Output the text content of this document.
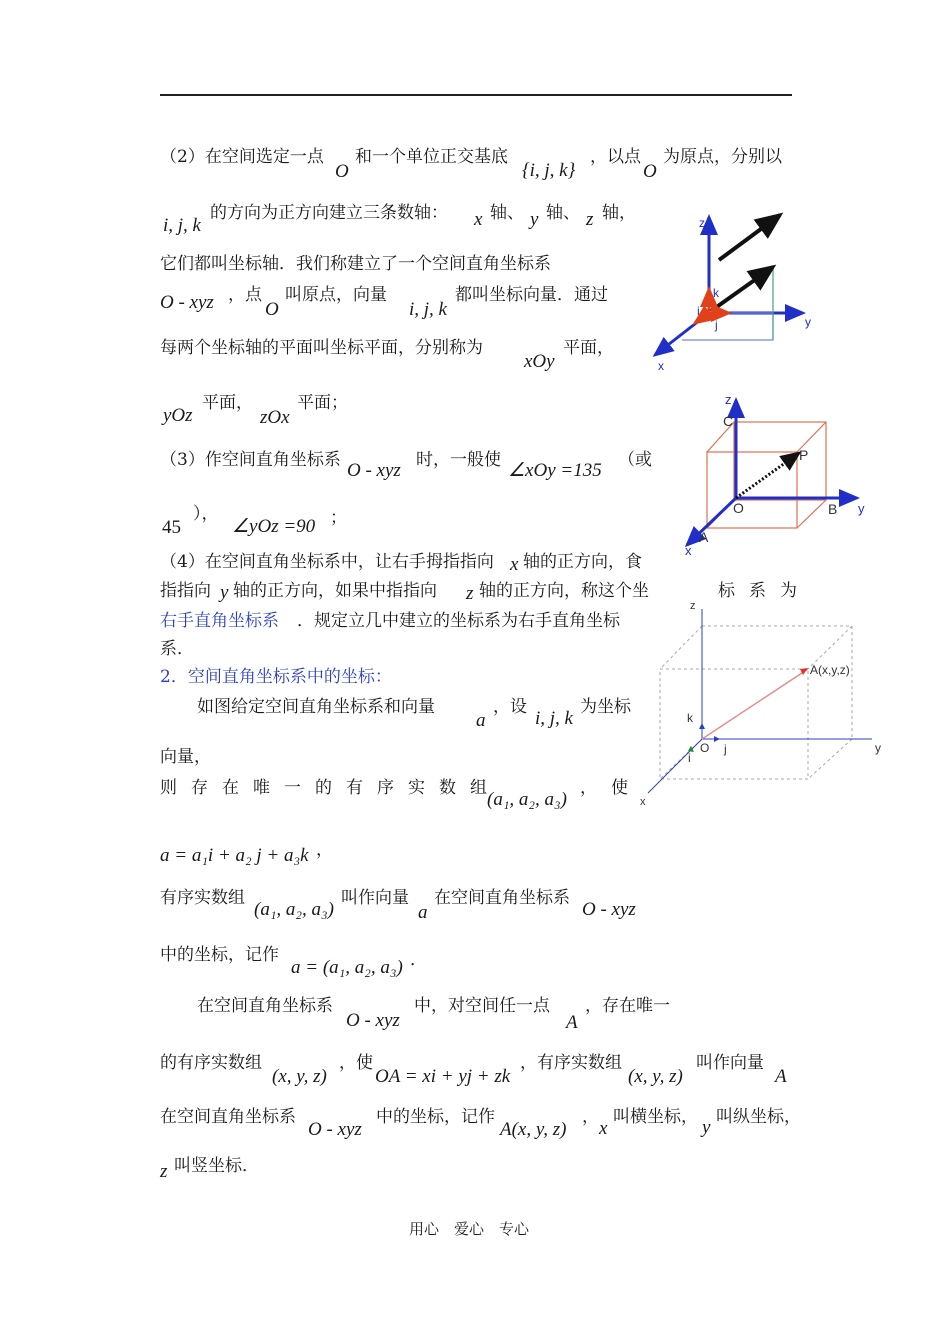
（2）在空间选定一点
O
和一个单位正交基底
{i, j, k}
，以点
O
为原点，分别以
i, j, k
的方向为正方向建立三条数轴： x 轴、 y 轴、 z 轴，
它们都叫坐标轴．我们称建立了一个空间直角坐标系
O - xyz ，点
O
叫原点，向量
i, j, k
都叫坐标向量．通过
每两个坐标轴的平面叫坐标平面，分别称为
xOy
平面，
yOz
平面，
zOx
平面；
（3）作空间直角坐标系 O - xyz 时，一般使 ∠xOy =135 （或
45
），
∠yOz =90 ；
（4）在空间直角坐标系中，让右手拇指指向 x 轴的正方向，食
指指向 y 轴的正方向，如果中指指向 z 轴的正方向，称这个坐	标系为
右手直角坐标系 ．规定立几中建立的坐标系为右手直角坐标
系．
2．空间直角坐标系中的坐标：
如图给定空间直角坐标系和向量
a
，设
i, j, k
为坐标
向量，
则存在唯一的有序实数组
(a₁, a₂, a₃)
，使
a = a₁i + a₂ j + a₃k ，
有序实数组
(a₁, a₂, a₃)
叫作向量
a
在空间直角坐标系
O - xyz
中的坐标，记作
a = (a₁, a₂, a₃) ．
在空间直角坐标系
O - xyz
中，对空间任一点
A
，存在唯一
的有序实数组
(x, y, z)
，使
OA = xi + yj + zk
，有序实数组
(x, y, z)
叫作向量
A
在空间直角坐标系
O - xyz
中的坐标，记作
A(x, y, z)
，
x
叫横坐标， y 叫纵坐标，
z 叫竖坐标．
z
y
x
k
j
i
z
y
x
C
P
O	B
A
z
y
x
A(x,y,z)
k
O j
i
用心　爱心　专心
